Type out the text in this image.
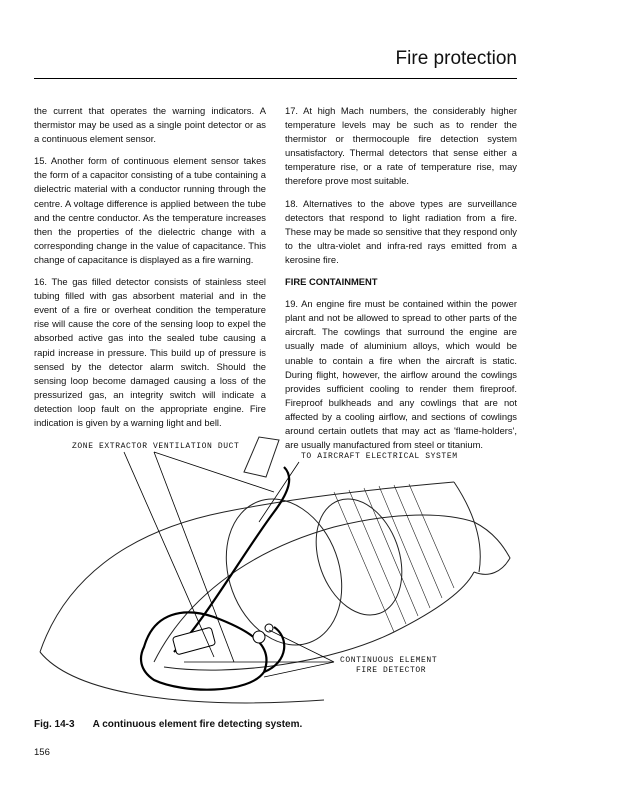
Fire protection

the current that operates the warning indicators. A thermistor may be used as a single point detector or as a continuous element sensor.

15. Another form of continuous element sensor takes the form of a capacitor consisting of a tube containing a dielectric material with a conductor running through the centre. A voltage difference is applied between the tube and the centre conductor. As the temperature increases then the properties of the dielectric change with a corresponding change in the value of capacitance. This change of capacitance is displayed as a fire warning.

16. The gas filled detector consists of stainless steel tubing filled with gas absorbent material and in the event of a fire or overheat condition the temperature rise will cause the core of the sensing loop to expel the absorbed active gas into the sealed tube causing a rapid increase in pressure. This build up of pressure is sensed by the detector alarm switch. Should the sensing loop become damaged causing a loss of the pressurized gas, an integrity switch will indicate a detection loop fault on the appropriate engine. Fire indication is given by a warning light and bell.

17. At high Mach numbers, the considerably higher temperature levels may be such as to render the thermistor or thermocouple fire detection system unsatisfactory. Thermal detectors that sense either a temperature rise, or a rate of temperature rise, may therefore prove most suitable.

18. Alternatives to the above types are surveillance detectors that respond to light radiation from a fire. These may be made so sensitive that they respond only to the ultra-violet and infra-red rays emitted from a kerosine fire.

FIRE CONTAINMENT

19. An engine fire must be contained within the power plant and not be allowed to spread to other parts of the aircraft. The cowlings that surround the engine are usually made of aluminium alloys, which would be unable to contain a fire when the aircraft is static. During flight, however, the airflow around the cowlings provides sufficient cooling to render them fireproof. Fireproof bulkheads and any cowlings that are not affected by a cooling airflow, and sections of cowlings around certain outlets that may act as 'flame-holders', are usually manufactured from steel or titanium.

ZONE EXTRACTOR VENTILATION DUCT
TO AIRCRAFT ELECTRICAL SYSTEM
CONTINUOUS ELEMENT
FIRE DETECTOR
Fig. 14-3 A continuous element fire detecting system.
156
